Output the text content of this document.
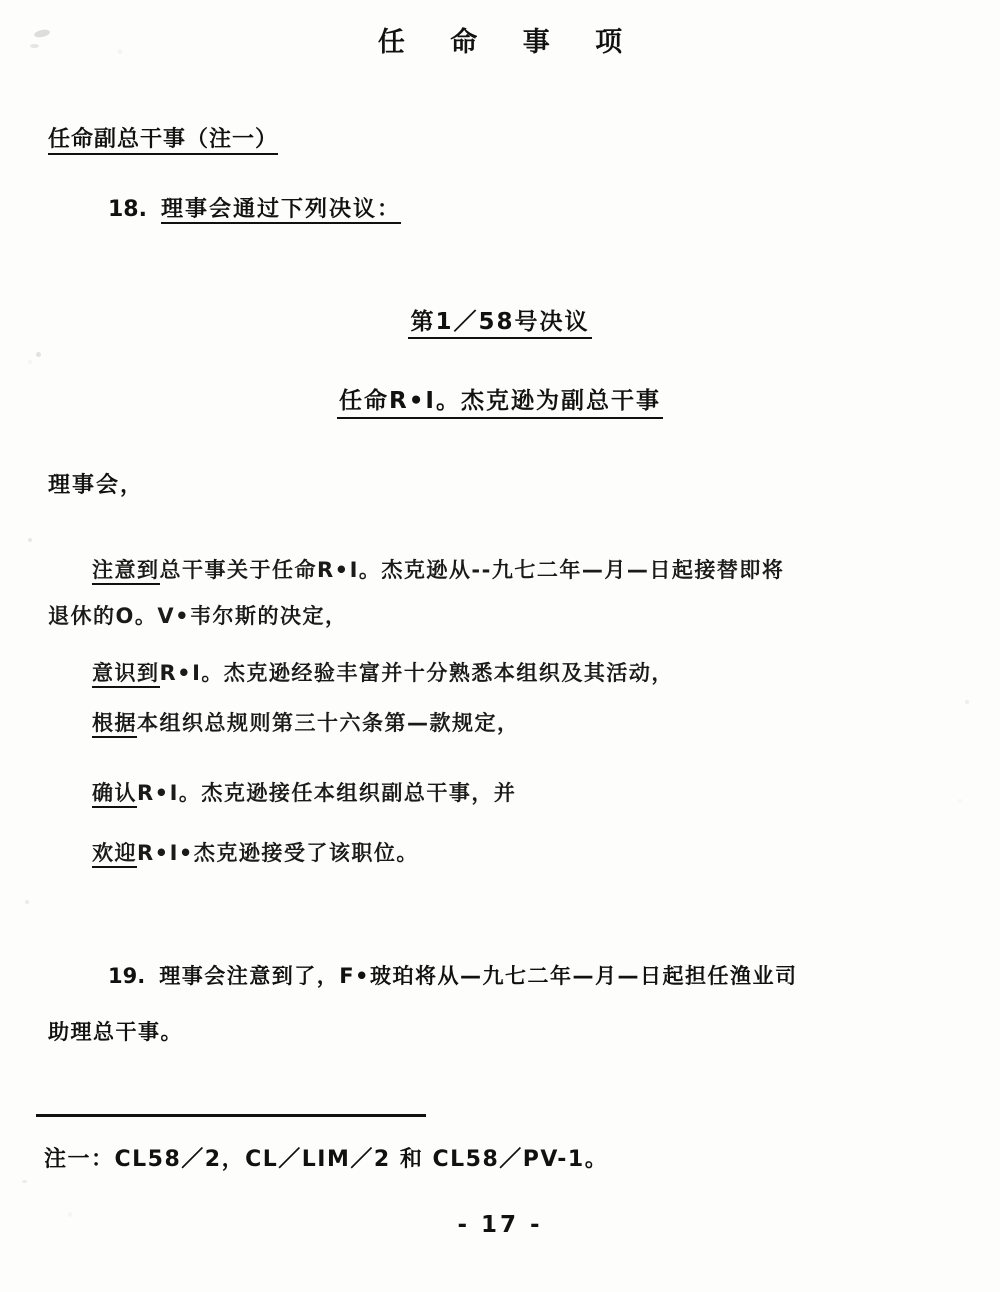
任 命 事 项
任命副总干事（注一）
18. 理事会通过下列决议：
第1／58号决议
任命R•I。杰克逊为副总干事
理事会，
注意到总干事关于任命R•I。杰克逊从--九七二年—月—日起接替即将
退休的О。V•韦尔斯的决定，
意识到R•I。杰克逊经验丰富并十分熟悉本组织及其活动，
根据本组织总规则第三十六条第—款规定，
确认R•I。杰克逊接任本组织副总干事，并
欢迎R•I•杰克逊接受了该职位。
19. 理事会注意到了，F•玻珀将从—九七二年—月—日起担任渔业司
助理总干事。
注一：CL58／2，CL／LIM／2 和 CL58／PV-1。
- 17 -
